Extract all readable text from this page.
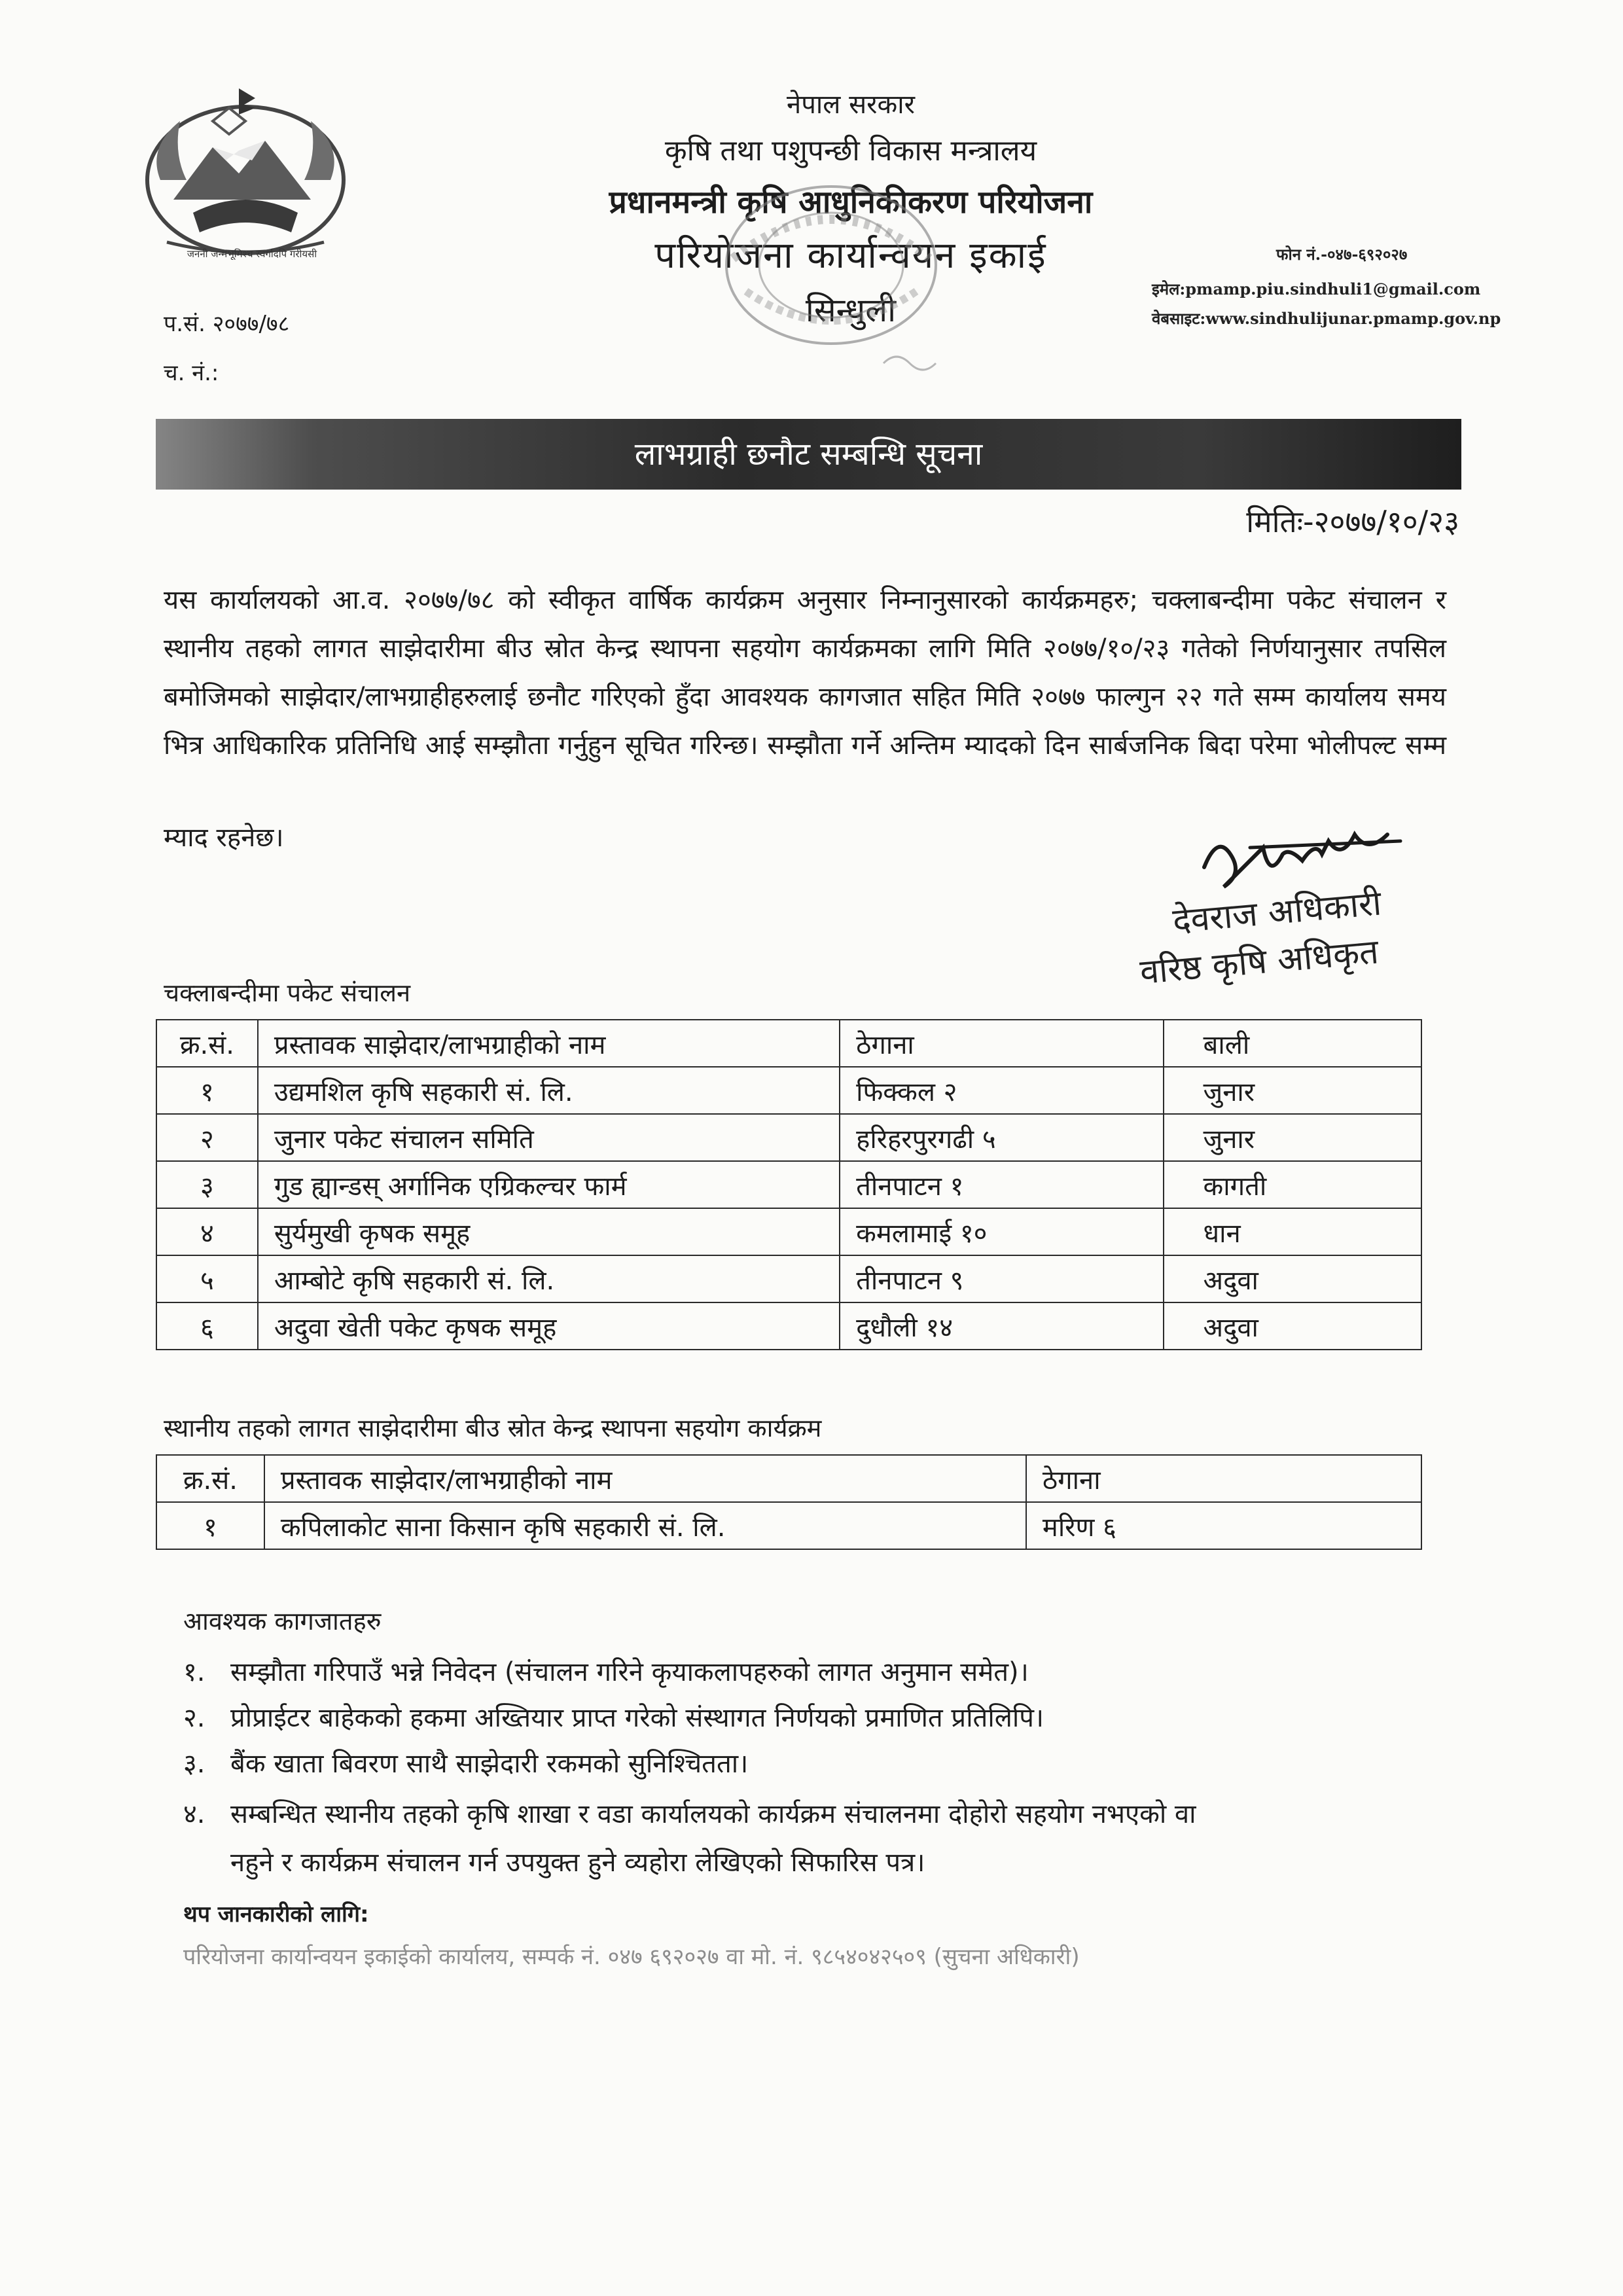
जननी जन्मभूमिश्च स्वर्गादपि गरीयसी
नेपाल सरकार
कृषि तथा पशुपन्छी विकास मन्त्रालय
प्रधानमन्त्री कृषि आधुनिकीकरण परियोजना
परियोजना कार्यान्वयन इकाई
सिन्धुली
फोन नं.-०४७-६९२०२७
इमेल:pmamp.piu.sindhuli1@gmail.com
वेबसाइट:www.sindhulijunar.pmamp.gov.np
प.सं. २०७७/७८
च. नं.:
लाभग्राही छनौट सम्बन्धि सूचना
मितिः-२०७७/१०/२३
यस कार्यालयको आ.व. २०७७/७८ को स्वीकृत वार्षिक कार्यक्रम अनुसार निम्नानुसारको कार्यक्रमहरु; चक्लाबन्दीमा पकेट संचालन र स्थानीय तहको लागत साझेदारीमा बीउ स्रोत केन्द्र स्थापना सहयोग कार्यक्रमका लागि मिति २०७७/१०/२३ गतेको निर्णयानुसार तपसिल बमोजिमको साझेदार/लाभग्राहीहरुलाई छनौट गरिएको हुँदा आवश्यक कागजात सहित मिति २०७७ फाल्गुन २२ गते सम्म कार्यालय समय भित्र आधिकारिक प्रतिनिधि आई सम्झौता गर्नुहुन सूचित गरिन्छ। सम्झौता गर्ने अन्तिम म्यादको दिन सार्बजनिक बिदा परेमा भोलीपल्ट सम्म
म्याद रहनेछ।
देवराज अधिकारी
वरिष्ठ कृषि अधिकृत
चक्लाबन्दीमा पकेट संचालन
क्र.सं.	प्रस्तावक साझेदार/लाभग्राहीको नाम	ठेगाना	बाली
१	उद्यमशिल कृषि सहकारी सं. लि.	फिक्कल २	जुनार
२	जुनार पकेट संचालन समिति	हरिहरपुरगढी ५	जुनार
३	गुड ह्यान्डस् अर्गानिक एग्रिकल्चर फार्म	तीनपाटन १	कागती
४	सुर्यमुखी कृषक समूह	कमलामाई १०	धान
५	आम्बोटे कृषि सहकारी सं. लि.	तीनपाटन ९	अदुवा
६	अदुवा खेती पकेट कृषक समूह	दुधौली १४	अदुवा
स्थानीय तहको लागत साझेदारीमा बीउ स्रोत केन्द्र स्थापना सहयोग कार्यक्रम
क्र.सं.	प्रस्तावक साझेदार/लाभग्राहीको नाम	ठेगाना
१	कपिलाकोट साना किसान कृषि सहकारी सं. लि.	मरिण ६
आवश्यक कागजातहरु
१. सम्झौता गरिपाउँ भन्ने निवेदन (संचालन गरिने कृयाकलापहरुको लागत अनुमान समेत)।
२. प्रोप्राईटर बाहेकको हकमा अख्तियार प्राप्त गरेको संस्थागत निर्णयको प्रमाणित प्रतिलिपि।
३. बैंक खाता बिवरण साथै साझेदारी रकमको सुनिश्चितता।
४. सम्बन्धित स्थानीय तहको कृषि शाखा र वडा कार्यालयको कार्यक्रम संचालनमा दोहोरो सहयोग नभएको वा
नहुने र कार्यक्रम संचालन गर्न उपयुक्त हुने व्यहोरा लेखिएको सिफारिस पत्र।
थप जानकारीको लागि:
परियोजना कार्यान्वयन इकाईको कार्यालय, सम्पर्क नं. ०४७ ६९२०२७ वा मो. नं. ९८५४०४२५०९ (सुचना अधिकारी)
